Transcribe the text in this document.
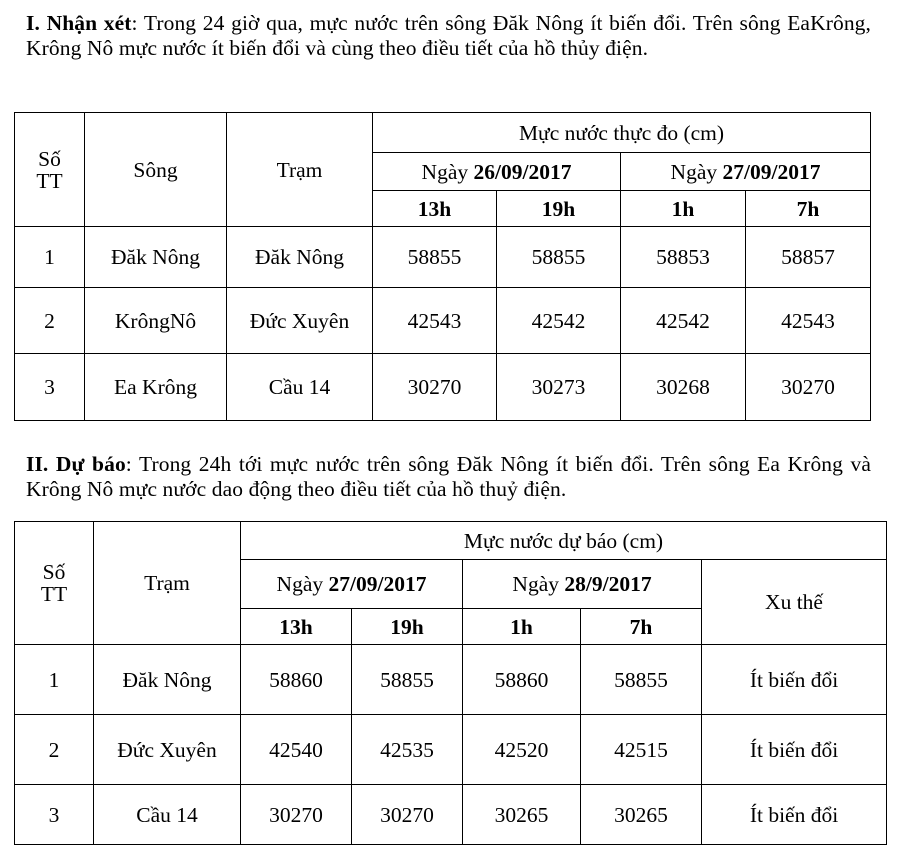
I. Nhận xét: Trong 24 giờ qua, mực nước trên sông Đăk Nông ít biến đổi. Trên sông EaKrông, Krông Nô mực nước ít biến đổi và cùng theo điều tiết của hồ thủy điện.
Số TT	Sông	Trạm	Mực nước thực đo (cm)			
			Ngày 26/09/2017		Ngày 27/09/2017	
			13h	19h	1h	7h
1	Đăk Nông	Đăk Nông	58855	58855	58853	58857
2	KrôngNô	Đức Xuyên	42543	42542	42542	42543
3	Ea Krông	Cầu 14	30270	30273	30268	30270
II. Dự báo: Trong 24h tới mực nước trên sông Đăk Nông ít biến đổi. Trên sông Ea Krông và Krông Nô mực nước dao động theo điều tiết của hồ thuỷ điện.
Số TT	Trạm	Mực nước dự báo (cm)				
		Ngày 27/09/2017		Ngày 28/9/2017		Xu thế
		13h	19h	1h	7h	
1	Đăk Nông	58860	58855	58860	58855	Ít biến đổi
2	Đức Xuyên	42540	42535	42520	42515	Ít biến đổi
3	Cầu 14	30270	30270	30265	30265	Ít biến đổi
